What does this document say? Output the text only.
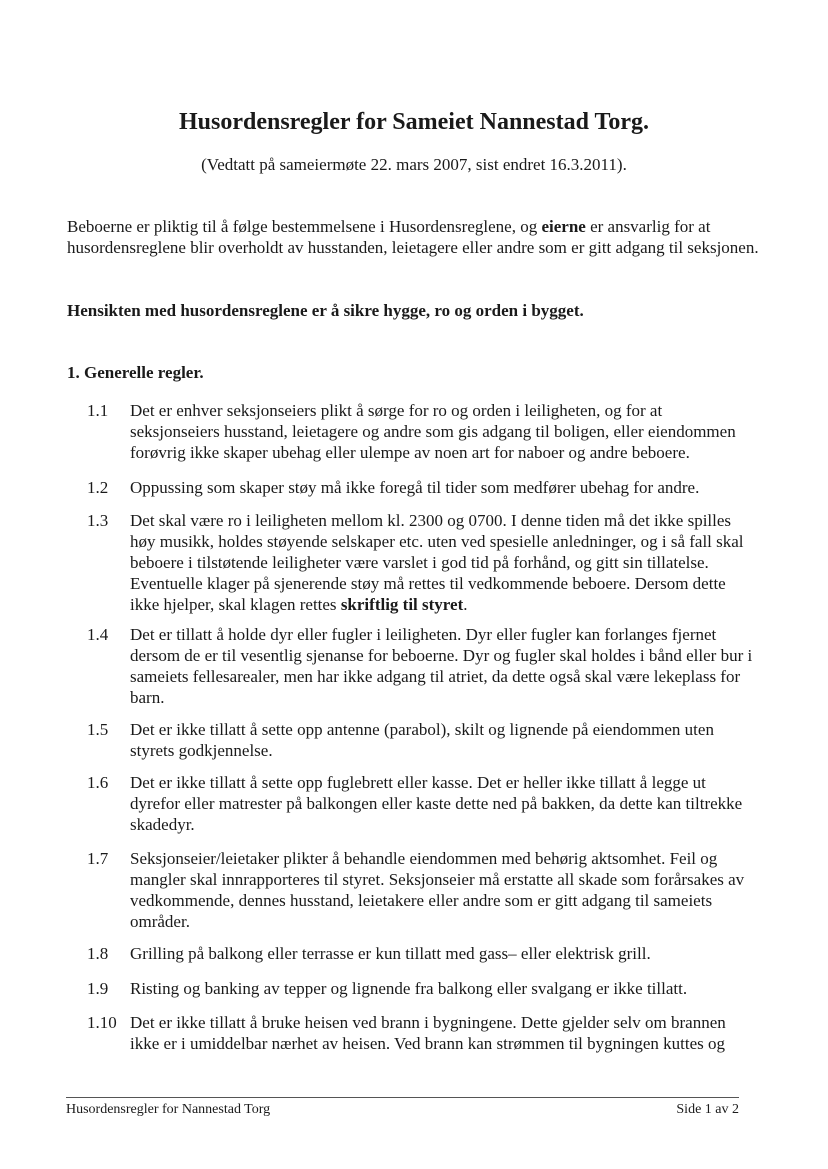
Husordensregler for Sameiet Nannestad Torg.

(Vedtatt på sameiermøte 22. mars 2007, sist endret 16.3.2011).

Beboerne er pliktig til å følge bestemmelsene i Husordensreglene, og eierne er ansvarlig for at husordensreglene blir overholdt av husstanden, leietagere eller andre som er gitt adgang til seksjonen.

Hensikten med husordensreglene er å sikre hygge, ro og orden i bygget.

1. Generelle regler.

1.1	Det er enhver seksjonseiers plikt å sørge for ro og orden i leiligheten, og for at seksjonseiers husstand, leietagere og andre som gis adgang til boligen, eller eiendommen forøvrig ikke skaper ubehag eller ulempe av noen art for naboer og andre beboere.
1.2	Oppussing som skaper støy må ikke foregå til tider som medfører ubehag for andre.
1.3	Det skal være ro i leiligheten mellom kl. 2300 og 0700. I denne tiden må det ikke spilles høy musikk, holdes støyende selskaper etc. uten ved spesielle anledninger, og i så fall skal beboere i tilstøtende leiligheter være varslet i god tid på forhånd, og gitt sin tillatelse. Eventuelle klager på sjenerende støy må rettes til vedkommende beboere. Dersom dette ikke hjelper, skal klagen rettes skriftlig til styret.
1.4	Det er tillatt å holde dyr eller fugler i leiligheten. Dyr eller fugler kan forlanges fjernet dersom de er til vesentlig sjenanse for beboerne. Dyr og fugler skal holdes i bånd eller bur i sameiets fellesarealer, men har ikke adgang til atriet, da dette også skal være lekeplass for barn.
1.5	Det er ikke tillatt å sette opp antenne (parabol), skilt og lignende på eiendommen uten styrets godkjennelse.
1.6	Det er ikke tillatt å sette opp fuglebrett eller kasse. Det er heller ikke tillatt å legge ut dyrefor eller matrester på balkongen eller kaste dette ned på bakken, da dette kan tiltrekke skadedyr.
1.7	Seksjonseier/leietaker plikter å behandle eiendommen med behørig aktsomhet. Feil og mangler skal innrapporteres til styret. Seksjonseier må erstatte all skade som forårsakes av vedkommende, dennes husstand, leietakere eller andre som er gitt adgang til sameiets områder.
1.8	Grilling på balkong eller terrasse er kun tillatt med gass– eller elektrisk grill.
1.9	Risting og banking av tepper og lignende fra balkong eller svalgang er ikke tillatt.
1.10 Det er ikke tillatt å bruke heisen ved brann i bygningene. Dette gjelder selv om brannen ikke er i umiddelbar nærhet av heisen. Ved brann kan strømmen til bygningen kuttes og
Husordensregler for Nannestad Torg	Side 1 av 2
